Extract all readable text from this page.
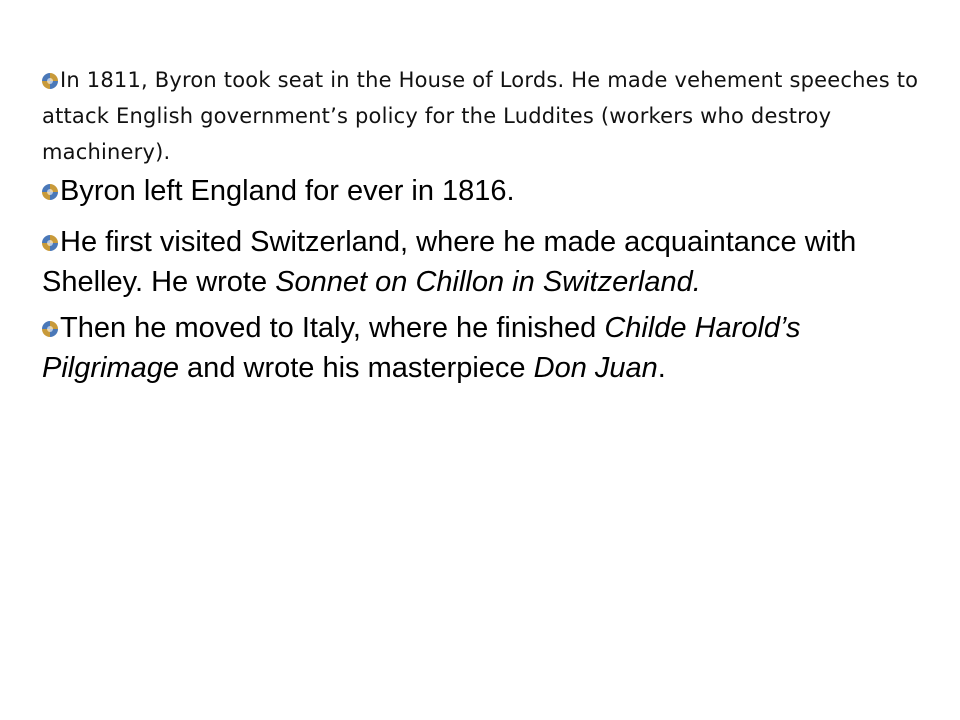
In 1811, Byron took seat in the House of Lords. He made vehement speeches to attack English government’s policy for the Luddites (workers who destroy machinery).

Byron left England for ever in 1816.

He first visited Switzerland, where he made acquaintance with Shelley. He wrote Sonnet on Chillon in Switzerland.

Then he moved to Italy, where he finished Childe Harold’s Pilgrimage and wrote his masterpiece Don Juan.
